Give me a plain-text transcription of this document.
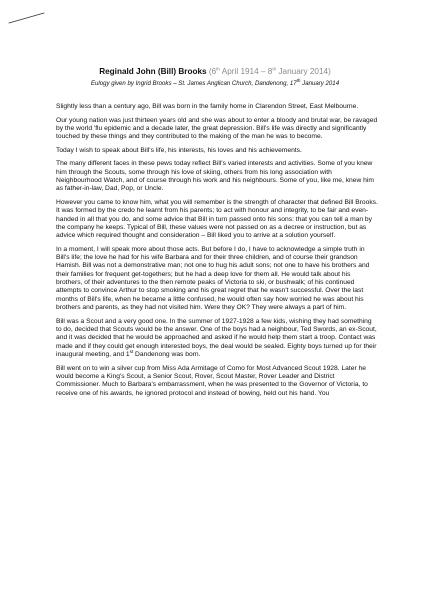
Reginald John (Bill) Brooks (6th April 1914 – 8th January 2014)
Eulogy given by Ingrid Brooks – St. James Anglican Church, Dandenong, 17th January 2014

Slightly less than a century ago, Bill was born in the family home in Clarendon Street, East Melbourne.

Our young nation was just thirteen years old and she was about to enter a bloody and brutal war, be ravaged by the world 'flu epidemic and a decade later, the great depression. Bill's life was directly and significantly touched by these things and they contributed to the making of the man he was to become.

Today I wish to speak about Bill's life, his interests, his loves and his achievements.

The many different faces in these pews today reflect Bill's varied interests and activities. Some of you knew him through the Scouts, some through his love of skiing, others from his long association with Neighbourhood Watch, and of course through his work and his neighbours. Some of you, like me, knew him as father-in-law, Dad, Pop, or Uncle.

However you came to know him, what you will remember is the strength of character that defined Bill Brooks. It was formed by the credo he learnt from his parents; to act with honour and integrity, to be fair and even-handed in all that you do, and some advice that Bill in turn passed onto his sons: that you can tell a man by the company he keeps. Typical of Bill, these values were not passed on as a decree or instruction, but as advice which required thought and consideration – Bill liked you to arrive at a solution yourself.

In a moment, I will speak more about those acts. But before I do, I have to acknowledge a simple truth in Bill's life; the love he had for his wife Barbara and for their three children, and of course their grandson Hamish. Bill was not a demonstrative man; not one to hug his adult sons; not one to have his brothers and their families for frequent get-togethers; but he had a deep love for them all. He would talk about his brothers, of their adventures to the then remote peaks of Victoria to ski, or bushwalk; of his continued attempts to convince Arthur to stop smoking and his great regret that he wasn't successful. Over the last months of Bill's life, when he became a little confused, he would often say how worried he was about his brothers and parents, as they had not visited him. Were they OK? They were always a part of him.

Bill was a Scout and a very good one. In the summer of 1927-1928 a few kids, wishing they had something to do, decided that Scouts would be the answer. One of the boys had a neighbour, Ted Swords, an ex-Scout, and it was decided that he would be approached and asked if he would help them start a troop. Contact was made and if they could get enough interested boys, the deal would be sealed. Eighty boys turned up for their inaugural meeting, and 1st Dandenong was born.

Bill went on to win a silver cup from Miss Ada Armitage of Como for Most Advanced Scout 1928. Later he would become a King's Scout, a Senior Scout, Rover, Scout Master, Rover Leader and District Commissioner. Much to Barbara's embarrassment, when he was presented to the Governor of Victoria, to receive one of his awards, he ignored protocol and instead of bowing, held out his hand. You
